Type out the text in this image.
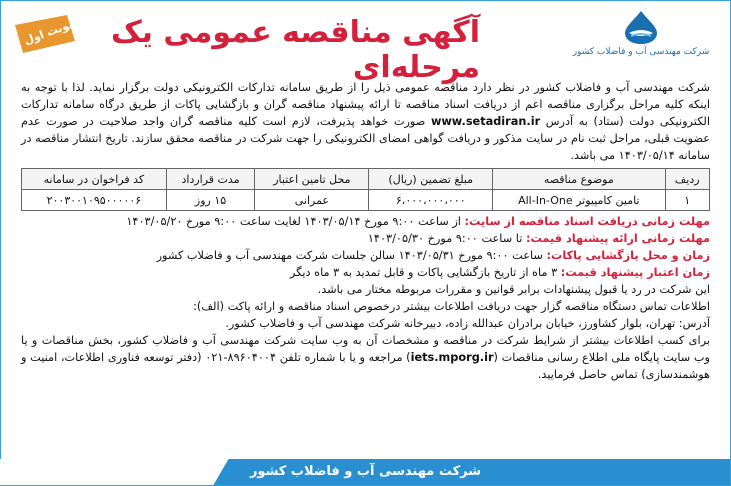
شرکت مهندسی آب و فاضلاب کشور
آگهی مناقصه عمومی یک مرحله‌ای
نوبت اول

شرکت مهندسی آب و فاضلاب کشور در نظر دارد مناقصه عمومی ذیل را از طریق سامانه تدارکات الکترونیکی دولت برگزار نماید. لذا با توجه به اینکه کلیه مراحل برگزاری مناقصه اعم از دریافت اسناد مناقصه تا ارائه پیشنهاد مناقصه گران و بازگشایی پاکات از طریق درگاه سامانه تدارکات الکترونیکی دولت (ستاد) به آدرس www.setadiran.ir صورت خواهد پذیرفت، لازم است کلیه مناقصه گران واجد صلاحیت در صورت عدم عضویت قبلی، مراحل ثبت نام در سایت مذکور و دریافت گواهی امضای الکترونیکی را جهت شرکت در مناقصه محقق سازند. تاریخ انتشار مناقصه در سامانه ۱۴۰۳/۰۵/۱۴ می باشد.

ردیف	موضوع مناقصه	مبلغ تضمین (ریال)	محل تامین اعتبار	مدت قرارداد	کد فراخوان در سامانه
۱	تامین کامپیوتر All-In-One	۶،۰۰۰،۰۰۰،۰۰۰	عمرانی	۱۵ روز	۲۰۰۳۰۰۱۰۹۵۰۰۰۰۰۶
مهلت زمانی دریافت اسناد مناقصه از سایت: از ساعت ۹:۰۰ مورخ ۱۴۰۳/۰۵/۱۴ لغایت ساعت ۹:۰۰ مورخ ۱۴۰۳/۰۵/۲۰
مهلت زمانی ارائه پیشنهاد قیمت: تا ساعت ۹:۰۰ مورخ ۱۴۰۳/۰۵/۳۰
زمان و محل بازگشایی پاکات: ساعت ۹:۰۰ مورخ ۱۴۰۳/۰۵/۳۱ سالن جلسات شرکت مهندسی آب و فاضلاب کشور
زمان اعتبار پیشنهاد قیمت: ۳ ماه از تاریخ بازگشایی پاکات و قابل تمدید به ۳ ماه دیگر
این شرکت در رد یا قبول پیشنهادات برابر قوانین و مقررات مربوطه مختار می باشد.
اطلاعات تماس دستگاه مناقصه گزار جهت دریافت اطلاعات بیشتر درخصوص اسناد مناقصه و ارائه پاکت (الف):
آدرس: تهران، بلوار کشاورز، خیابان برادران عبدالله زاده، دبیرخانه شرکت مهندسی آب و فاضلاب کشور.

برای کسب اطلاعات بیشتر از شرایط شرکت در مناقصه و مشخصات آن به وب سایت شرکت مهندسی آب و فاضلاب کشور، بخش مناقصات و یا وب سایت پایگاه ملی اطلاع رسانی مناقصات (iets.mporg.ir) مراجعه و یا با شماره تلفن ۸۹۶۰۴۰۰۴-۰۲۱ (دفتر توسعه فناوری اطلاعات، امنیت و هوشمندسازی) تماس حاصل فرمایید.

شرکت مهندسی آب و فاضلاب کشور
